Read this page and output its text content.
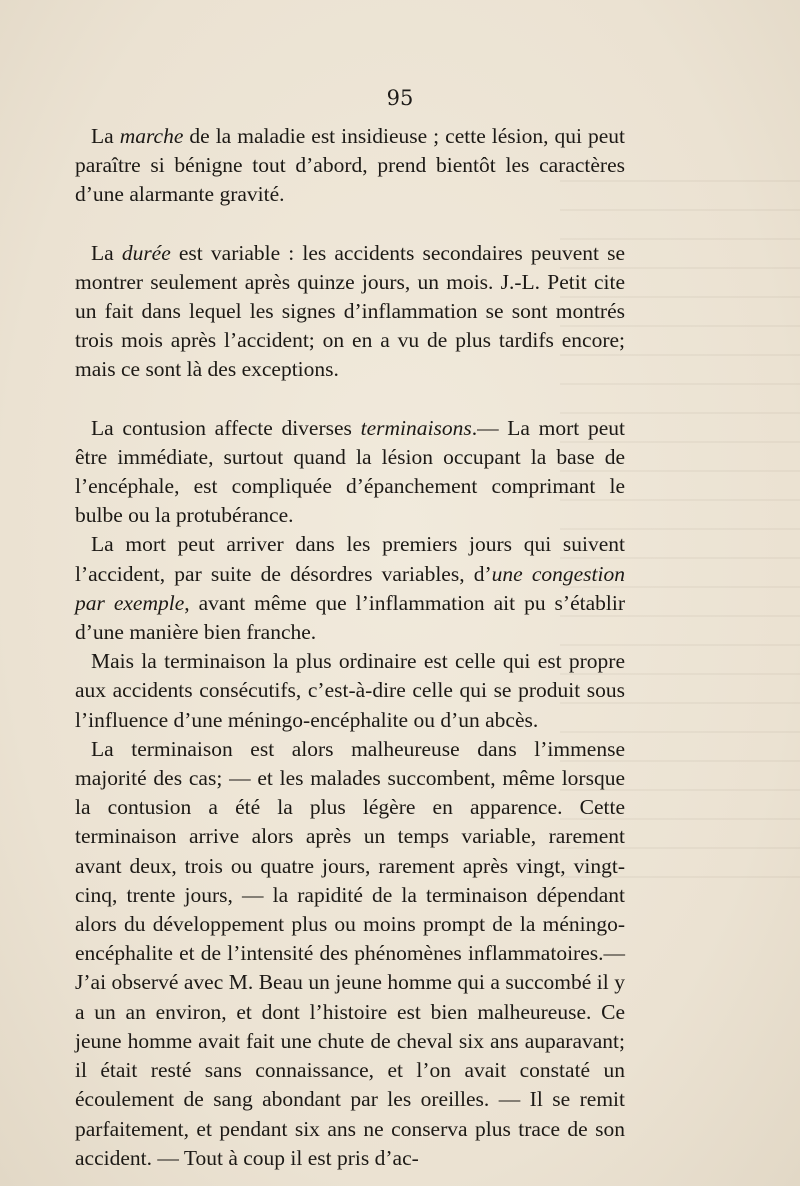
95

La marche de la maladie est insidieuse ; cette lésion, qui peut paraître si bénigne tout d’abord, prend bientôt les caractères d’une alarmante gravité.

La durée est variable : les accidents secondaires peuvent se montrer seulement après quinze jours, un mois. J.-L. Petit cite un fait dans lequel les signes d’inflammation se sont montrés trois mois après l’accident; on en a vu de plus tardifs encore; mais ce sont là des exceptions.

La contusion affecte diverses terminaisons.— La mort peut être immédiate, surtout quand la lésion occupant la base de l’encéphale, est compliquée d’épanchement comprimant le bulbe ou la protubérance.

La mort peut arriver dans les premiers jours qui suivent l’accident, par suite de désordres variables, d’une congestion par exemple, avant même que l’inflammation ait pu s’établir d’une manière bien franche.

Mais la terminaison la plus ordinaire est celle qui est propre aux accidents consécutifs, c’est-à-dire celle qui se produit sous l’influence d’une méningo-encéphalite ou d’un abcès.

La terminaison est alors malheureuse dans l’immense majorité des cas; — et les malades succombent, même lorsque la contusion a été la plus légère en apparence. Cette terminaison arrive alors après un temps variable, rarement avant deux, trois ou quatre jours, rarement après vingt, vingt-cinq, trente jours, — la rapidité de la terminaison dépendant alors du développement plus ou moins prompt de la méningo-encéphalite et de l’intensité des phénomènes inflammatoires.—J’ai observé avec M. Beau un jeune homme qui a succombé il y a un an environ, et dont l’histoire est bien malheureuse. Ce jeune homme avait fait une chute de cheval six ans auparavant; il était resté sans connaissance, et l’on avait constaté un écoulement de sang abondant par les oreilles. — Il se remit parfaitement, et pendant six ans ne conserva plus trace de son accident. — Tout à coup il est pris d’ac-
